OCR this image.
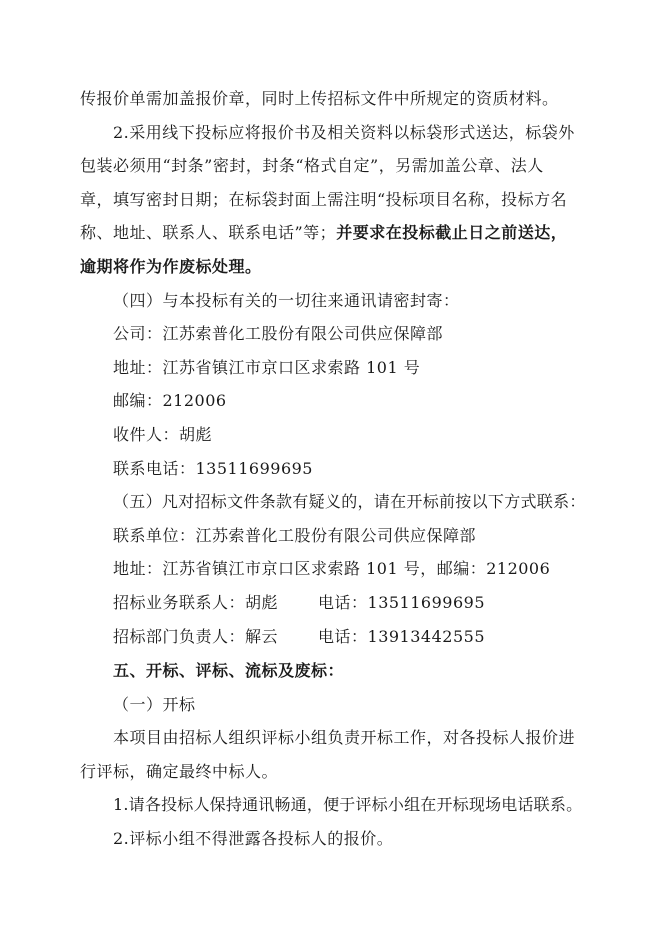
传报价单需加盖报价章，同时上传招标文件中所规定的资质材料。
2.采用线下投标应将报价书及相关资料以标袋形式送达，标袋外
包装必须用“封条”密封，封条“格式自定”，另需加盖公章、法人
章，填写密封日期；在标袋封面上需注明“投标项目名称，投标方名
称、地址、联系人、联系电话”等；并要求在投标截止日之前送达，
逾期将作为作废标处理。
（四）与本投标有关的一切往来通讯请密封寄：
公司：江苏索普化工股份有限公司供应保障部
地址：江苏省镇江市京口区求索路 101 号
邮编：212006
收件人：胡彪
联系电话：13511699695
（五）凡对招标文件条款有疑义的，请在开标前按以下方式联系：
联系单位：江苏索普化工股份有限公司供应保障部
地址：江苏省镇江市京口区求索路 101 号，邮编：212006
招标业务联系人：胡彪	电话：13511699695
招标部门负责人：解云	电话：13913442555
五、开标、评标、流标及废标：
（一）开标
本项目由招标人组织评标小组负责开标工作，对各投标人报价进
行评标，确定最终中标人。
1.请各投标人保持通讯畅通，便于评标小组在开标现场电话联系。
2.评标小组不得泄露各投标人的报价。
